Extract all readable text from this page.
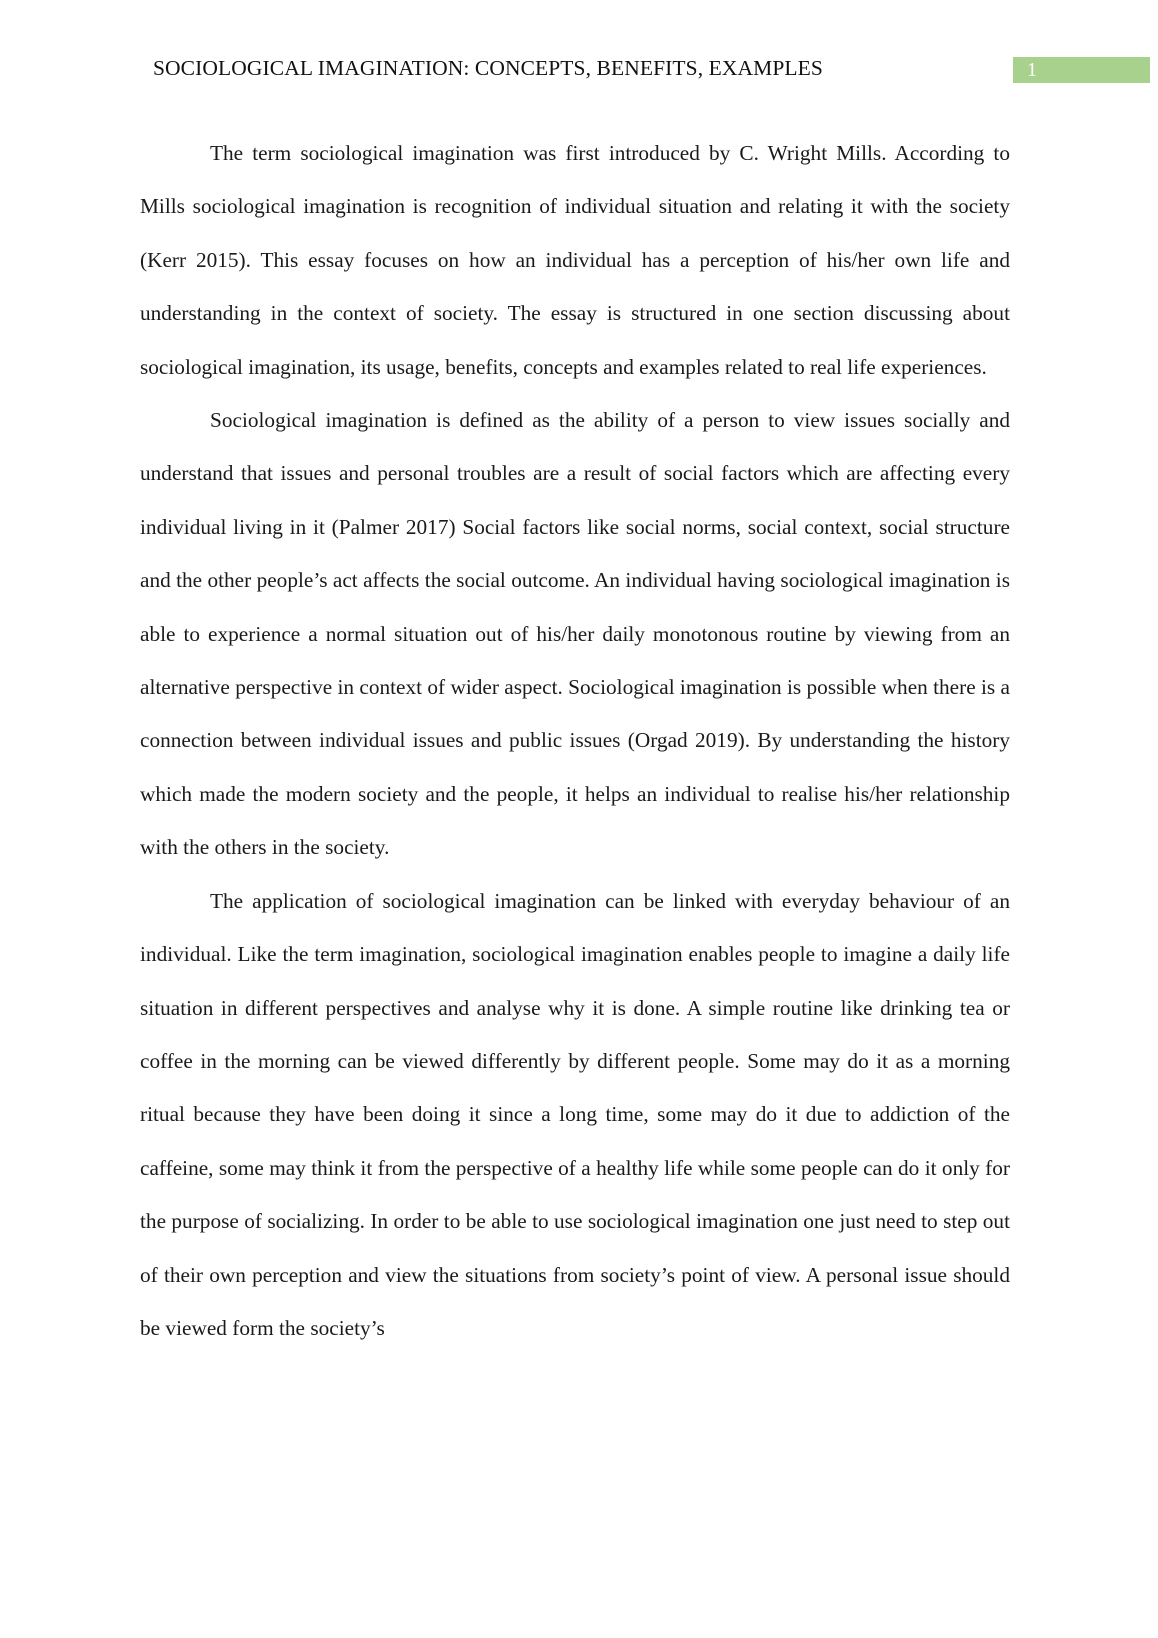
SOCIOLOGICAL IMAGINATION: CONCEPTS, BENEFITS, EXAMPLES	1

The term sociological imagination was first introduced by C. Wright Mills. According to Mills sociological imagination is recognition of individual situation and relating it with the society (Kerr 2015). This essay focuses on how an individual has a perception of his/her own life and understanding in the context of society. The essay is structured in one section discussing about sociological imagination, its usage, benefits, concepts and examples related to real life experiences.

Sociological imagination is defined as the ability of a person to view issues socially and understand that issues and personal troubles are a result of social factors which are affecting every individual living in it (Palmer 2017) Social factors like social norms, social context, social structure and the other people’s act affects the social outcome. An individual having sociological imagination is able to experience a normal situation out of his/her daily monotonous routine by viewing from an alternative perspective in context of wider aspect. Sociological imagination is possible when there is a connection between individual issues and public issues (Orgad 2019). By understanding the history which made the modern society and the people, it helps an individual to realise his/her relationship with the others in the society.

The application of sociological imagination can be linked with everyday behaviour of an individual. Like the term imagination, sociological imagination enables people to imagine a daily life situation in different perspectives and analyse why it is done. A simple routine like drinking tea or coffee in the morning can be viewed differently by different people. Some may do it as a morning ritual because they have been doing it since a long time, some may do it due to addiction of the caffeine, some may think it from the perspective of a healthy life while some people can do it only for the purpose of socializing. In order to be able to use sociological imagination one just need to step out of their own perception and view the situations from society’s point of view. A personal issue should be viewed form the society’s
